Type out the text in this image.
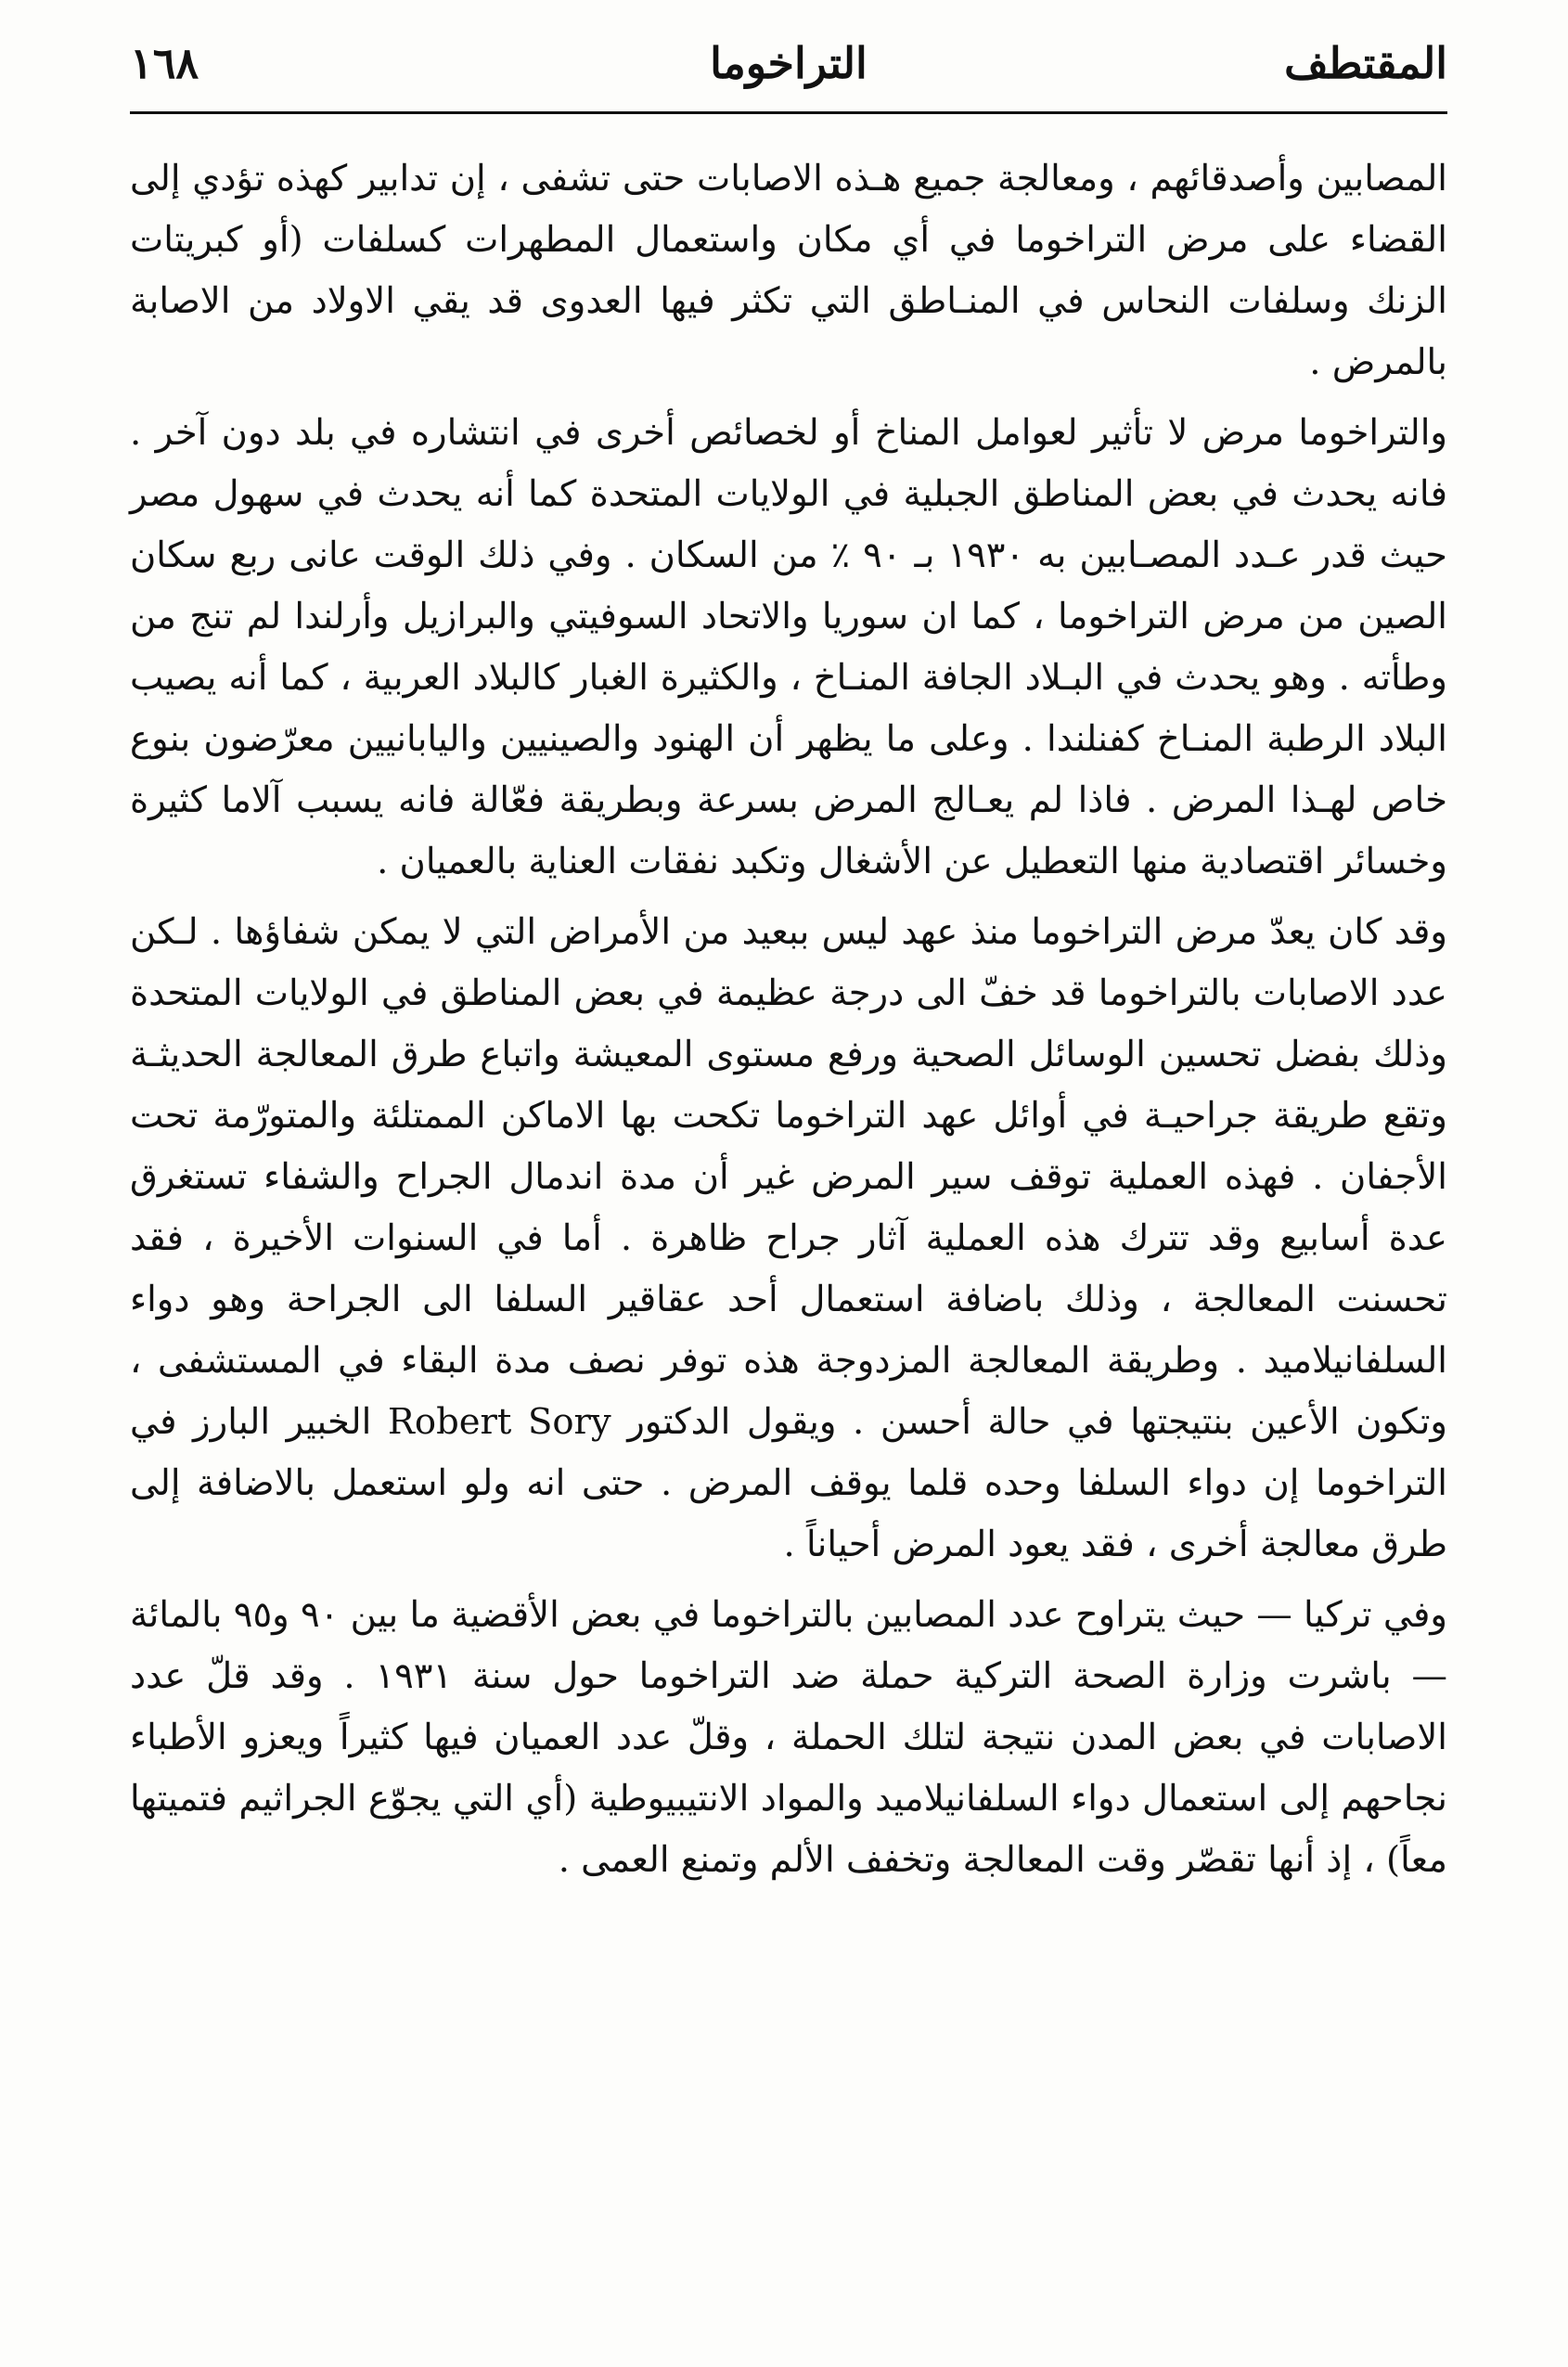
١٦٨	التراخوما	المقتطف

المصابين وأصدقائهم ، ومعالجة جميع هـذه الاصابات حتى تشفى ، إن تدابير كهذه تؤدي إلى القضاء على مرض التراخوما في أي مكان واستعمال المطهرات كسلفات (أو كبريتات الزنك وسلفات النحاس في المنـاطق التي تكثر فيها العدوى قد يقي الاولاد من الاصابة بالمرض .

والتراخوما مرض لا تأثير لعوامل المناخ أو لخصائص أخرى في انتشاره في بلد دون آخر . فانه يحدث في بعض المناطق الجبلية في الولايات المتحدة كما أنه يحدث في سهول مصر حيث قدر عـدد المصـابين به ١٩٣٠ بـ ٩٠ ٪ من السكان . وفي ذلك الوقت عانى ربع سكان الصين من مرض التراخوما ، كما ان سوريا والاتحاد السوفيتي والبرازيل وأرلندا لم تنج من وطأته . وهو يحدث في البـلاد الجافة المنـاخ ، والكثيرة الغبار كالبلاد العربية ، كما أنه يصيب البلاد الرطبة المنـاخ كفنلندا . وعلى ما يظهر أن الهنود والصينيين واليابانيين معرّضون بنوع خاص لهـذا المرض . فاذا لم يعـالج المرض بسرعة وبطريقة فعّالة فانه يسبب آلاما كثيرة وخسائر اقتصادية منها التعطيل عن الأشغال وتكبد نفقات العناية بالعميان .

وقد كان يعدّ مرض التراخوما منذ عهد ليس ببعيد من الأمراض التي لا يمكن شفاؤها . لـكن عدد الاصابات بالتراخوما قد خفّ الى درجة عظيمة في بعض المناطق في الولايات المتحدة وذلك بفضل تحسين الوسائل الصحية ورفع مستوى المعيشة واتباع طرق المعالجة الحديثـة وتقع طريقة جراحيـة في أوائل عهد التراخوما تكحت بها الاماكن الممتلئة والمتورّمة تحت الأجفان . فهذه العملية توقف سير المرض غير أن مدة اندمال الجراح والشفاء تستغرق عدة أسابيع وقد تترك هذه العملية آثار جراح ظاهرة . أما في السنوات الأخيرة ، فقد تحسنت المعالجة ، وذلك باضافة استعمال أحد عقاقير السلفا الى الجراحة وهو دواء السلفانيلاميد . وطريقة المعالجة المزدوجة هذه توفر نصف مدة البقاء في المستشفى ، وتكون الأعين بنتيجتها في حالة أحسن . ويقول الدكتور Robert Sory الخبير البارز في التراخوما إن دواء السلفا وحده قلما يوقف المرض . حتى انه ولو استعمل بالاضافة إلى طرق معالجة أخرى ، فقد يعود المرض أحياناً .

وفي تركيا — حيث يتراوح عدد المصابين بالتراخوما في بعض الأقضية ما بين ٩٠ و٩٥ بالمائة — باشرت وزارة الصحة التركية حملة ضد التراخوما حول سنة ١٩٣١ . وقد قلّ عدد الاصابات في بعض المدن نتيجة لتلك الحملة ، وقلّ عدد العميان فيها كثيراً ويعزو الأطباء نجاحهم إلى استعمال دواء السلفانيلاميد والمواد الانتيبيوطية (أي التي يجوّع الجراثيم فتميتها معاً) ، إذ أنها تقصّر وقت المعالجة وتخفف الألم وتمنع العمى .
